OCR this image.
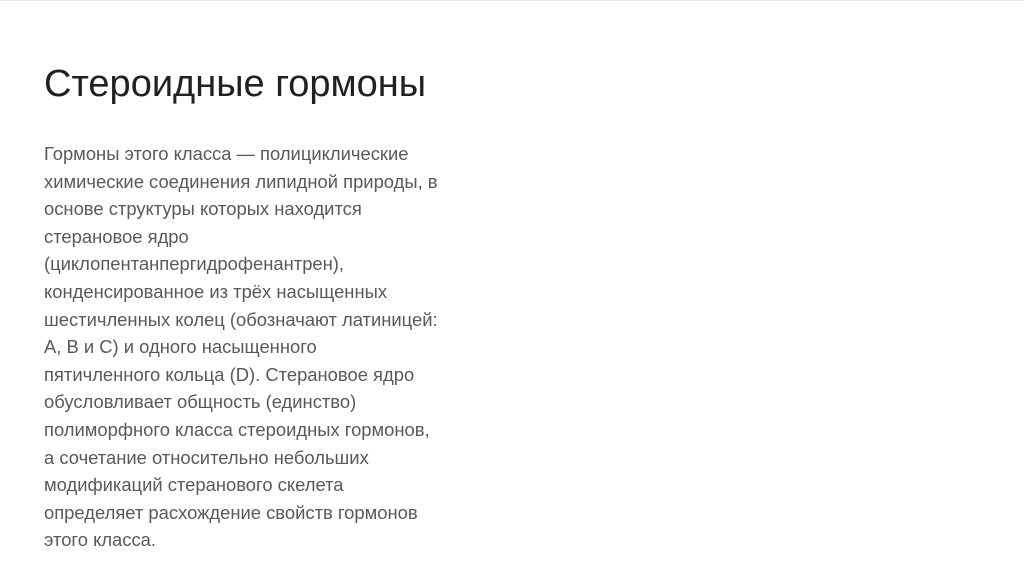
Стероидные гормоны

Гормоны этого класса — полициклические
химические соединения липидной природы, в
основе структуры которых находится
стерановое ядро
(циклопентанпергидрофенантрен),
конденсированное из трёх насыщенных
шестичленных колец (обозначают латиницей:
A, B и C) и одного насыщенного
пятичленного кольца (D). Стерановое ядро
обусловливает общность (единство)
полиморфного класса стероидных гормонов,
а сочетание относительно небольших
модификаций стеранового скелета
определяет расхождение свойств гормонов
этого класса.
